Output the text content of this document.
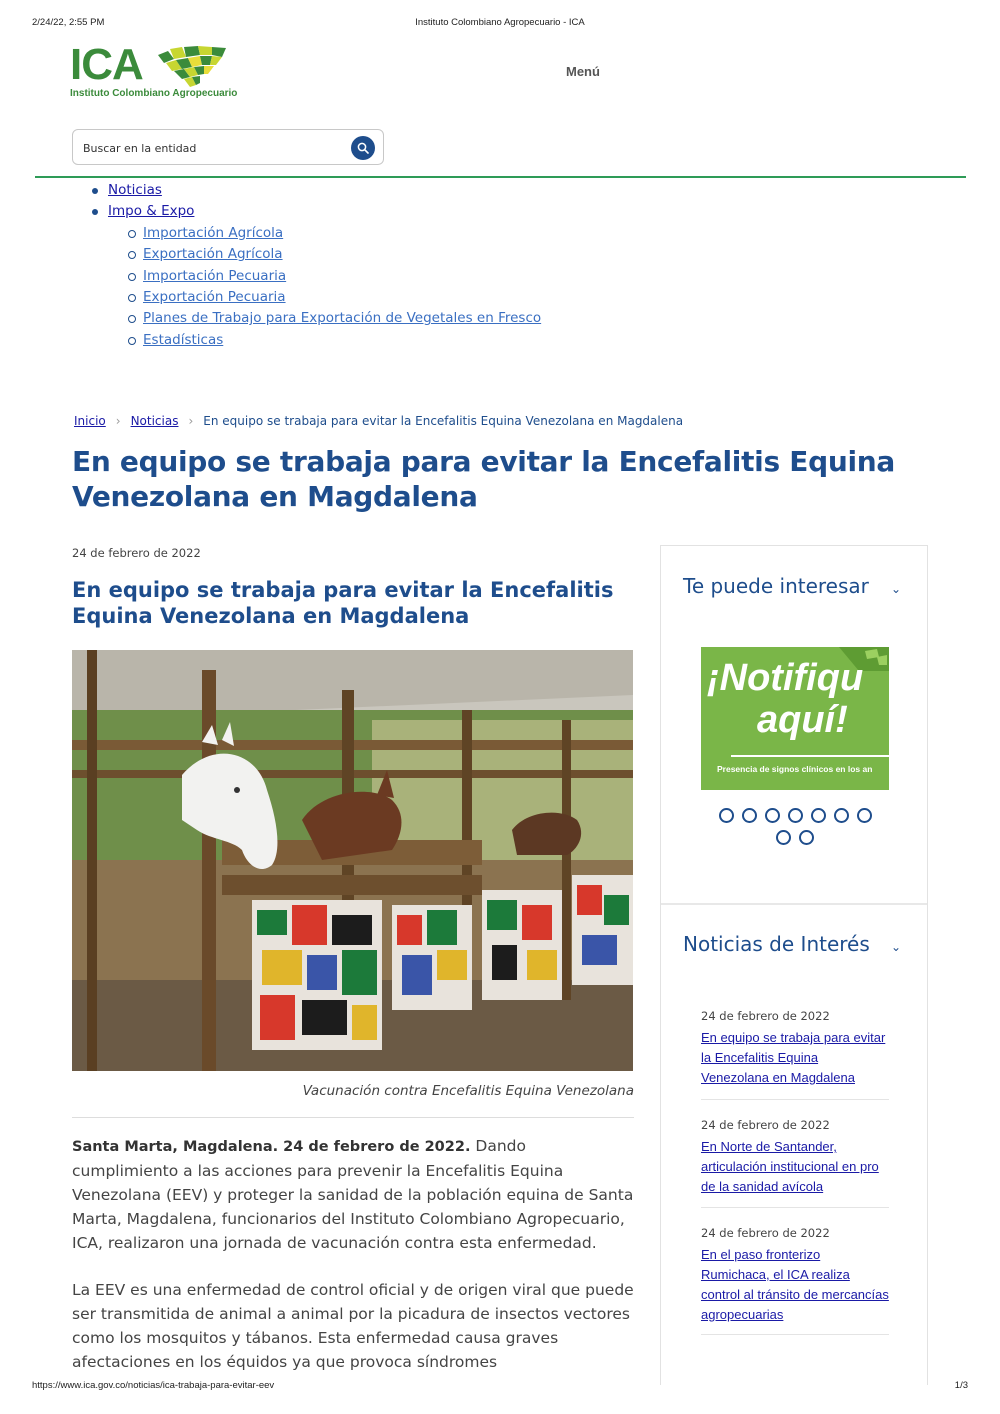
2/24/22, 2:55 PM	Instituto Colombiano Agropecuario - ICA
ICA
Instituto Colombiano Agropecuario
Menú
Buscar en la entidad
Noticias
Impo & Expo
Importación Agrícola
Exportación Agrícola
Importación Pecuaria
Exportación Pecuaria
Planes de Trabajo para Exportación de Vegetales en Fresco
Estadísticas
Inicio › Noticias › En equipo se trabaja para evitar la Encefalitis Equina Venezolana en Magdalena
En equipo se trabaja para evitar la Encefalitis Equina Venezolana en Magdalena
24 de febrero de 2022
En equipo se trabaja para evitar la Encefalitis Equina Venezolana en Magdalena
Vacunación contra Encefalitis Equina Venezolana
Santa Marta, Magdalena. 24 de febrero de 2022. Dando cumplimiento a las acciones para prevenir la Encefalitis Equina Venezolana (EEV) y proteger la sanidad de la población equina de Santa Marta, Magdalena, funcionarios del Instituto Colombiano Agropecuario, ICA, realizaron una jornada de vacunación contra esta enfermedad.
La EEV es una enfermedad de control oficial y de origen viral que puede ser transmitida de animal a animal por la picadura de insectos vectores como los mosquitos y tábanos. Esta enfermedad causa graves afectaciones en los équidos ya que provoca síndromes
Te puede interesar ⌄
¡Notifiqu
aquí!
Presencia de signos clínicos en los an
Noticias de Interés ⌄
24 de febrero de 2022
En equipo se trabaja para evitar la Encefalitis Equina Venezolana en Magdalena
24 de febrero de 2022
En Norte de Santander, articulación institucional en pro de la sanidad avícola
24 de febrero de 2022
En el paso fronterizo Rumichaca, el ICA realiza control al tránsito de mercancías agropecuarias
https://www.ica.gov.co/noticias/ica-trabaja-para-evitar-eev	1/3
